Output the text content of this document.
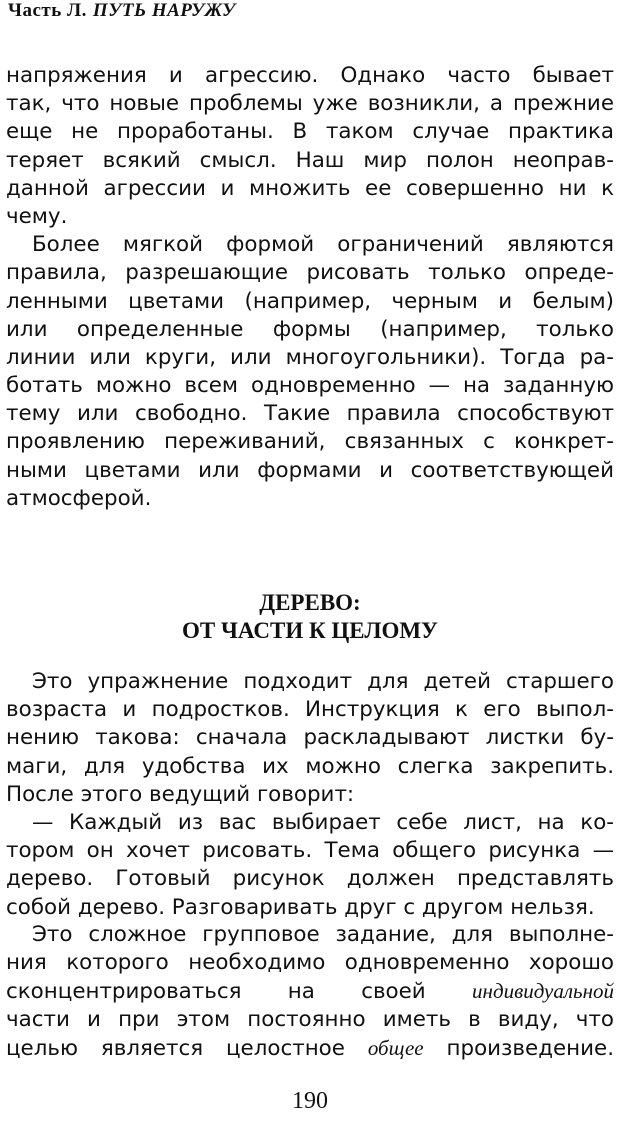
Часть Л. ПУТЬ НАРУЖУ
напряжения и агрессию. Однако часто бывает
так, что новые проблемы уже возникли, а прежние
еще не проработаны. В таком случае практика
теряет всякий смысл. Наш мир полон неоправ-
данной агрессии и множить ее совершенно ни к
чему.
Более мягкой формой ограничений являются
правила, разрешающие рисовать только опреде-
ленными цветами (например, черным и белым)
или определенные формы (например, только
линии или круги, или многоугольники). Тогда ра-
ботать можно всем одновременно — на заданную
тему или свободно. Такие правила способствуют
проявлению переживаний, связанных с конкрет-
ными цветами или формами и соответствующей
атмосферой.
ДЕРЕВО:
ОТ ЧАСТИ К ЦЕЛОМУ
Это упражнение подходит для детей старшего
возраста и подростков. Инструкция к его выпол-
нению такова: сначала раскладывают листки бу-
маги, для удобства их можно слегка закрепить.
После этого ведущий говорит:
— Каждый из вас выбирает себе лист, на ко-
тором он хочет рисовать. Тема общего рисунка —
дерево. Готовый рисунок должен представлять
собой дерево. Разговаривать друг с другом нельзя.
Это сложное групповое задание, для выполне-
ния которого необходимо одновременно хорошо
сконцентрироваться на своей индивидуальной
части и при этом постоянно иметь в виду, что
целью является целостное общее произведение.
190
